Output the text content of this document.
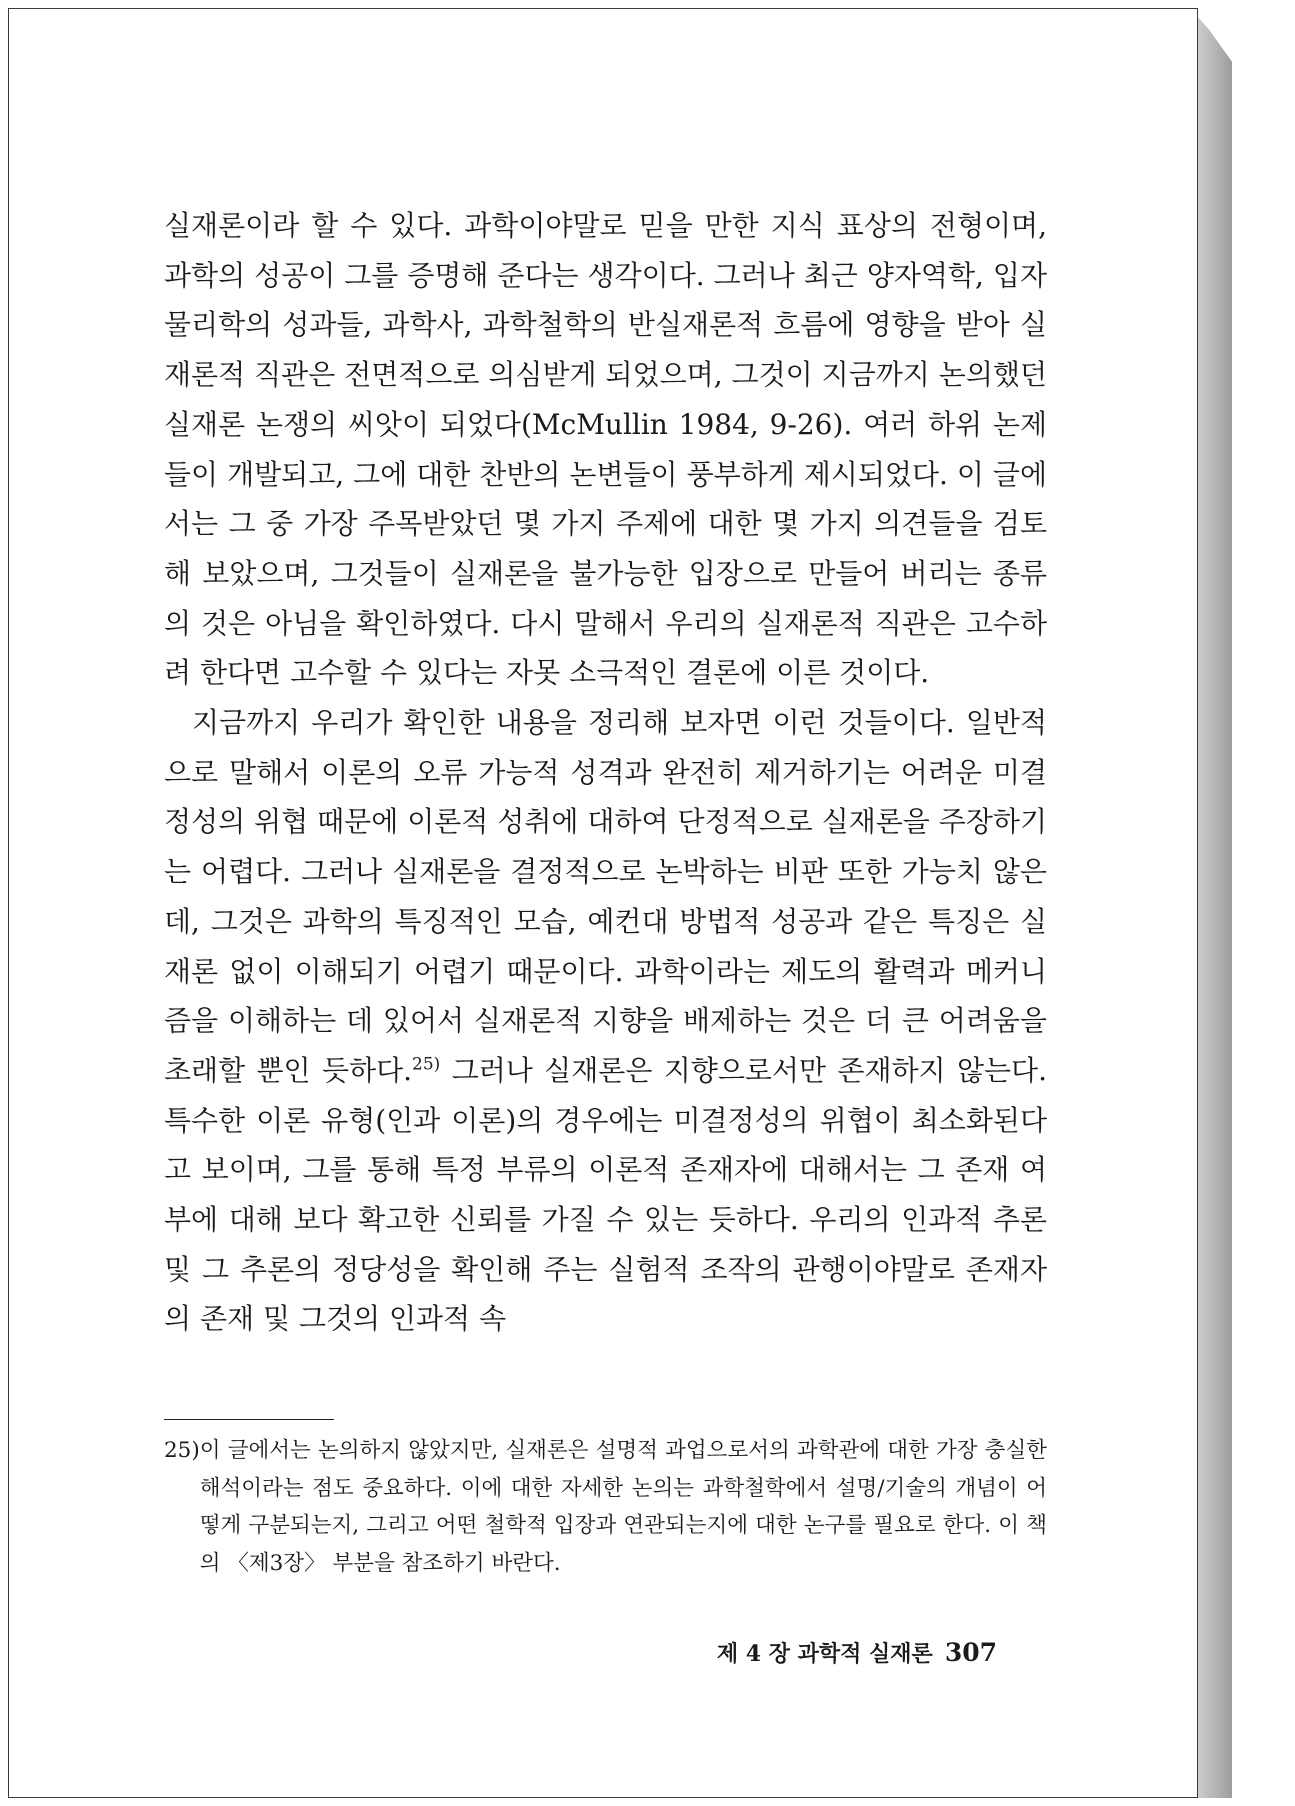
실재론이라 할 수 있다. 과학이야말로 믿을 만한 지식 표상의 전형이며, 과학의 성공이 그를 증명해 준다는 생각이다. 그러나 최근 양자역학, 입자물리학의 성과들, 과학사, 과학철학의 반실재론적 흐름에 영향을 받아 실재론적 직관은 전면적으로 의심받게 되었으며, 그것이 지금까지 논의했던 실재론 논쟁의 씨앗이 되었다(McMullin 1984, 9-26). 여러 하위 논제들이 개발되고, 그에 대한 찬반의 논변들이 풍부하게 제시되었다. 이 글에서는 그 중 가장 주목받았던 몇 가지 주제에 대한 몇 가지 의견들을 검토해 보았으며, 그것들이 실재론을 불가능한 입장으로 만들어 버리는 종류의 것은 아님을 확인하였다. 다시 말해서 우리의 실재론적 직관은 고수하려 한다면 고수할 수 있다는 자못 소극적인 결론에 이른 것이다.

지금까지 우리가 확인한 내용을 정리해 보자면 이런 것들이다. 일반적으로 말해서 이론의 오류 가능적 성격과 완전히 제거하기는 어려운 미결정성의 위협 때문에 이론적 성취에 대하여 단정적으로 실재론을 주장하기는 어렵다. 그러나 실재론을 결정적으로 논박하는 비판 또한 가능치 않은데, 그것은 과학의 특징적인 모습, 예컨대 방법적 성공과 같은 특징은 실재론 없이 이해되기 어렵기 때문이다. 과학이라는 제도의 활력과 메커니즘을 이해하는 데 있어서 실재론적 지향을 배제하는 것은 더 큰 어려움을 초래할 뿐인 듯하다.$^{25)}$ 그러나 실재론은 지향으로서만 존재하지 않는다. 특수한 이론 유형(인과 이론)의 경우에는 미결정성의 위협이 최소화된다고 보이며, 그를 통해 특정 부류의 이론적 존재자에 대해서는 그 존재 여부에 대해 보다 확고한 신뢰를 가질 수 있는 듯하다. 우리의 인과적 추론 및 그 추론의 정당성을 확인해 주는 실험적 조작의 관행이야말로 존재자의 존재 및 그것의 인과적 속

25) 이 글에서는 논의하지 않았지만, 실재론은 설명적 과업으로서의 과학관에 대한 가장 충실한 해석이라는 점도 중요하다. 이에 대한 자세한 논의는 과학철학에서 설명/기술의 개념이 어떻게 구분되는지, 그리고 어떤 철학적 입장과 연관되는지에 대한 논구를 필요로 한다. 이 책의 〈제3장〉 부분을 참조하기 바란다.
제 4 장 과학적 실재론 307
